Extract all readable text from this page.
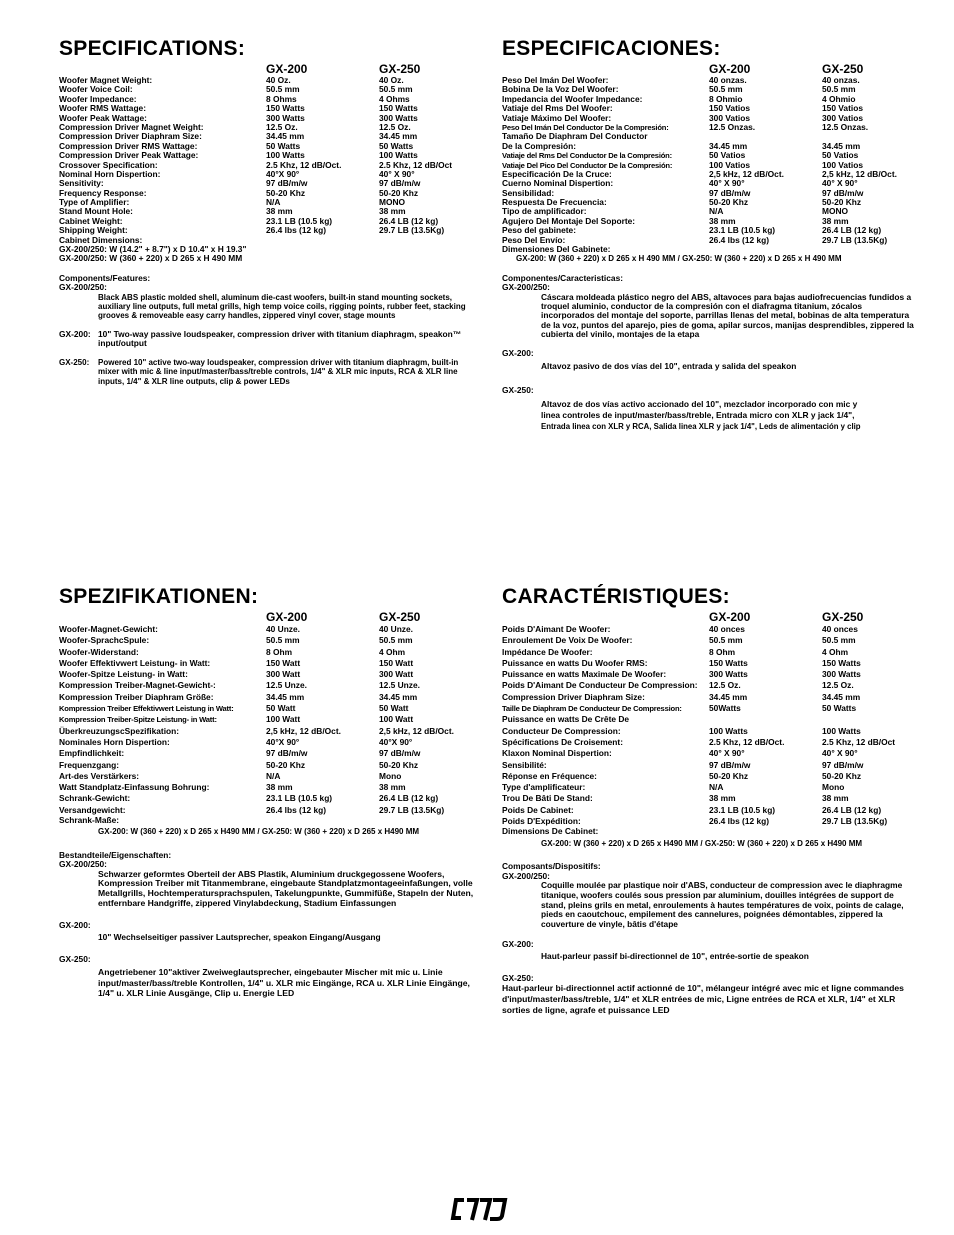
SPECIFICATIONS:
GX-200	GX-250
Woofer Magnet Weight:	40 Oz.	40 Oz.
Woofer Voice Coil:	50.5 mm	50.5 mm
Woofer Impedance:	8 Ohms	4 Ohms
Woofer RMS Wattage:	150 Watts	150 Watts
Woofer Peak Wattage:	300 Watts	300 Watts
Compression Driver Magnet Weight:	12.5 Oz.	12.5 Oz.
Compression Driver Diaphram Size:	34.45 mm	34.45 mm
Compression Driver RMS Wattage:	50 Watts	50 Watts
Compression Driver Peak Wattage:	100 Watts	100 Watts
Crossover Specification:	2.5 Khz, 12 dB/Oct.	2.5 Khz, 12 dB/Oct
Nominal Horn Dispertion:	40°X 90°	40° X 90°
Sensitivity:	97 dB/m/w	97 dB/m/w
Frequency Response:	50-20 Khz	50-20 Khz
Type of Amplifier:	N/A	MONO
Stand Mount Hole:	38 mm	38 mm
Cabinet Weight:	23.1 LB (10.5 kg)	26.4 LB (12 kg)
Shipping Weight:	26.4 lbs (12 kg)	29.7 LB (13.5Kg)
Cabinet Dimensions:
GX-200/250: W (14.2" + 8.7") x D 10.4" x H 19.3"
GX-200/250: W (360 + 220) x D 265 x H 490 MM
Components/Features:
GX-200/250:
Black ABS plastic molded shell, aluminum die-cast woofers, built-in stand mounting sockets, auxiliary line outputs, full metal grills, high temp voice coils, rigging points, rubber feet, stacking grooves & removeable easy carry handles, zippered vinyl cover, stage mounts
GX-200: 10" Two-way passive loudspeaker, compression driver with titanium diaphragm, speakon™ input/output
GX-250: Powered 10" active two-way loudspeaker, compression driver with titanium diaphragm, built-in mixer with mic & line input/master/bass/treble controls, 1/4" & XLR mic inputs, RCA & XLR line inputs, 1/4" & XLR line outputs, clip & power LEDs
ESPECIFICACIONES:
GX-200	GX-250
Peso Del Imán Del Woofer:	40 onzas.	40 onzas.
Bobina De la Voz Del Woofer:	50.5 mm	50.5 mm
Impedancia del Woofer Impedance:	8 Ohmio	4 Ohmio
Vatiaje del Rms Del Woofer:	150 Vatios	150 Vatios
Vatiaje Máximo Del Woofer:	300 Vatios	300 Vatios
Peso Del Imán Del Conductor De la Compresión:	12.5 Onzas.	12.5 Onzas.
Tamaño De Diaphram Del Conductor
De la Compresión:	34.45 mm	34.45 mm
Vatiaje del Rms Del Conductor De la Compresión:	50 Vatios	50 Vatios
Vatiaje Del Pico Del Conductor De la Compresión:	100 Vatios	100 Vatios
Especificación De la Cruce:	2,5 kHz, 12 dB/Oct.	2,5 kHz, 12 dB/Oct.
Cuerno Nominal Dispertion:	40° X 90°	40° X 90°
Sensibilidad:	97 dB/m/w	97 dB/m/w
Respuesta De Frecuencia:	50-20 Khz	50-20 Khz
Tipo de amplificador:	N/A	MONO
Agujero Del Montaje Del Soporte:	38 mm	38 mm
Peso del gabinete:	23.1 LB (10.5 kg)	26.4 LB (12 kg)
Peso Del Envío:	26.4 lbs (12 kg)	29.7 LB (13.5Kg)
Dimensiones Del Gabinete:
GX-200: W (360 + 220) x D 265 x H 490 MM / GX-250: W (360 + 220) x D 265 x H 490 MM
Componentes/Caracteristicas:
GX-200/250:
Cáscara moldeada plástico negro del ABS, altavoces para bajas audiofrecuencias fundidos a troquel aluminio, conductor de la compresión con el diafragma titanium, zócalos incorporados del montaje del soporte, parrillas llenas del metal, bobinas de alta temperatura de la voz, puntos del aparejo, pies de goma, apilar surcos, manijas desprendibles, zippered la cubierta del vinilo, montajes de la etapa
GX-200:
Altavoz pasivo de dos vías del 10", entrada y salida del speakon
GX-250:
Altavoz de dos vías activo accionado del 10", mezclador incorporado con mic y
linea controles de input/master/bass/treble, Entrada micro con XLR y jack 1/4",
Entrada linea con XLR y RCA, Salida linea XLR y jack 1/4", Leds de alimentación y clip
SPEZIFIKATIONEN:
GX-200	GX-250
Woofer-Magnet-Gewicht:	40 Unze.	40 Unze.
Woofer-SprachcSpule:	50.5 mm	50.5 mm
Woofer-Widerstand:	8 Ohm	4 Ohm
Woofer Effektivwert Leistung- in Watt:	150 Watt	150 Watt
Woofer-Spitze Leistung- in Watt:	300 Watt	300 Watt
Kompression Treiber-Magnet-Gewicht-:	12.5 Unze.	12.5 Unze.
Kompression Treiber Diaphram Größe:	34.45 mm	34.45 mm
Kompression Treiber Effektivwert Leistung in Watt:	50 Watt	50 Watt
Kompression Treiber-Spitze Leistung- in Watt:	100 Watt	100 Watt
ÜberkreuzungscSpezifikation:	2,5 kHz, 12 dB/Oct.	2,5 kHz, 12 dB/Oct.
Nominales Horn Dispertion:	40°X 90°	40°X 90°
Empfindlichkeit:	97 dB/m/w	97 dB/m/w
Frequenzgang:	50-20 Khz	50-20 Khz
Art-des Verstärkers:	N/A	Mono
Watt Standplatz-Einfassung Bohrung:	38 mm	38 mm
Schrank-Gewicht:	23.1 LB (10.5 kg)	26.4 LB (12 kg)
Versandgewicht:	26.4 lbs (12 kg)	29.7 LB (13.5Kg)
Schrank-Maße:
GX-200: W (360 + 220) x D 265 x H490 MM / GX-250: W (360 + 220) x D 265 x H490 MM
Bestandteile/Eigenschaften:
GX-200/250:
Schwarzer geformtes Oberteil der ABS Plastik, Aluminium druckgegossene Woofers, Kompression Treiber mit Titanmembrane, eingebaute Standplatzmontageeinfaßungen, volle Metallgrills, Hochtemperatursprachspulen, Takelungpunkte, Gummifüße, Stapeln der Nuten, entfernbare Handgriffe, zippered Vinylabdeckung, Stadium Einfassungen
GX-200:
10" Wechselseitiger passiver Lautsprecher, speakon Eingang/Ausgang
GX-250:
Angetriebener 10"aktiver Zweiweglautsprecher, eingebauter Mischer mit mic u. Linie input/master/bass/treble Kontrollen, 1/4" u. XLR mic Eingänge, RCA u. XLR Linie Eingänge, 1/4" u. XLR Linie Ausgänge, Clip u. Energie LED
CARACTÉRISTIQUES:
GX-200	GX-250
Poids D'Aimant De Woofer:	40 onces	40 onces
Enroulement De Voix De Woofer:	50.5 mm	50.5 mm
Impédance De Woofer:	8 Ohm	4 Ohm
Puissance en watts Du Woofer RMS:	150 Watts	150 Watts
Puissance en watts Maximale De Woofer:	300 Watts	300 Watts
Poids D'Aimant De Conducteur De Compression: 12.5 Oz.	12.5 Oz.
Compression Driver Diaphram Size:	34.45 mm	34.45 mm
Taille De Diaphram De Conducteur De Compression:	50Watts	50 Watts
Puissance en watts De Crête De
Conducteur De Compression:	100 Watts	100 Watts
Spécifications De Croisement:	2.5 Khz, 12 dB/Oct.	2.5 Khz, 12 dB/Oct
Klaxon Nominal Dispertion:	40° X 90°	40° X 90°
Sensibilité:	97 dB/m/w	97 dB/m/w
Réponse en Fréquence:	50-20 Khz	50-20 Khz
Type d'amplificateur:	N/A	Mono
Trou De Bâti De Stand:	38 mm	38 mm
Poids De Cabinet:	23.1 LB (10.5 kg)	26.4 LB (12 kg)
Poids D'Expédition:	26.4 lbs (12 kg)	29.7 LB (13.5Kg)
Dimensions De Cabinet:
GX-200: W (360 + 220) x D 265 x H490 MM / GX-250: W (360 + 220) x D 265 x H490 MM
Composants/Dispositifs:
GX-200/250:
Coquille moulée par plastique noir d'ABS, conducteur de compression avec le diaphragme titanique, woofers coulés sous pression par aluminium, douilles intégrées de support de stand, pleins grils en metal, enroulements à hautes températures de voix, points de calage, pieds en caoutchouc, empilement des cannelures, poignées démontables, zippered la couverture de vinyle, bâtis d'étape
GX-200:
Haut-parleur passif bi-directionnel de 10", entrée-sortie de speakon
GX-250:
Haut-parleur bi-directionnel actif actionné de 10", mélangeur intégré avec mic et ligne commandes d'input/master/bass/treble, 1/4" et XLR entrées de mic, Ligne entrées de RCA et XLR, 1/4" et XLR sorties de ligne, agrafe et puissance LED
